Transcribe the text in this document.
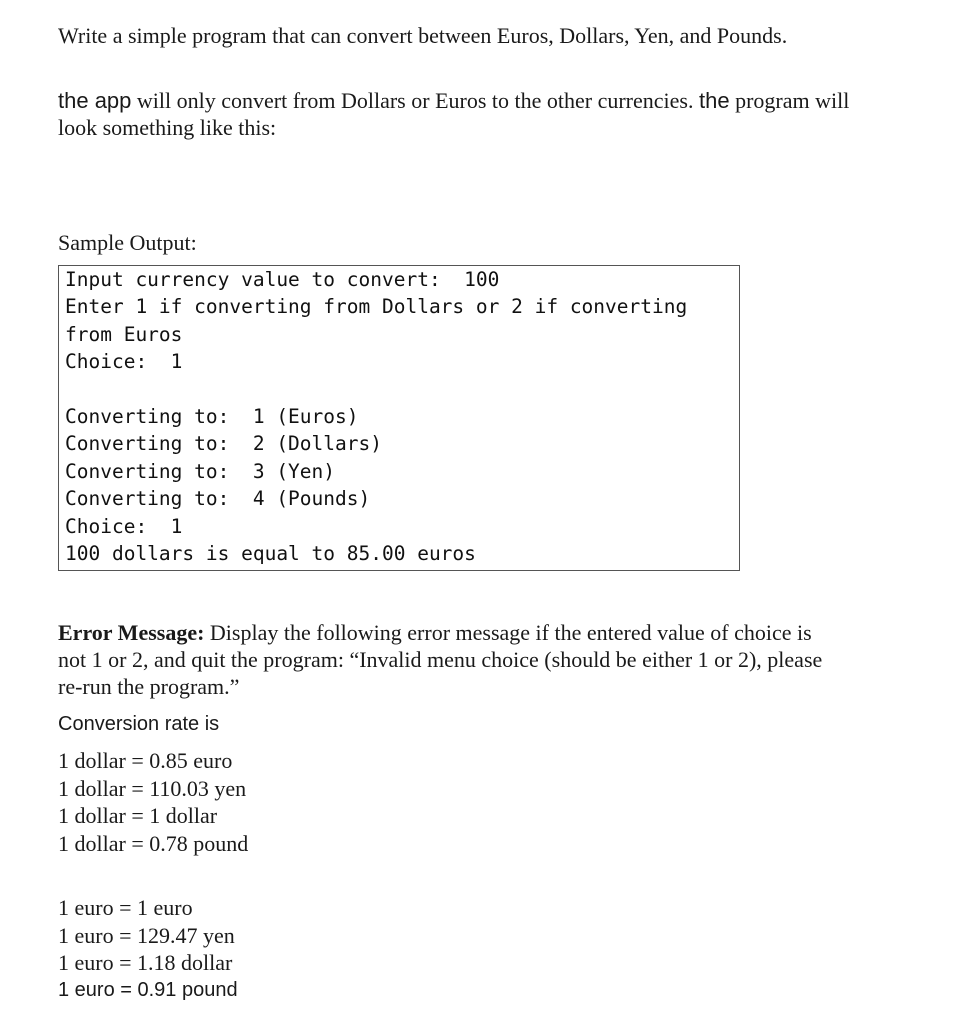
Write a simple program that can convert between Euros, Dollars, Yen, and Pounds.
the app will only convert from Dollars or Euros to the other currencies. the program will
look something like this:
Sample Output:
Input currency value to convert:  100
Enter 1 if converting from Dollars or 2 if converting
from Euros
Choice:  1
Converting to:  1 (Euros)
Converting to:  2 (Dollars)
Converting to:  3 (Yen)
Converting to:  4 (Pounds)
Choice:  1
100 dollars is equal to 85.00 euros
Error Message: Display the following error message if the entered value of choice is
not 1 or 2, and quit the program: “Invalid menu choice (should be either 1 or 2), please
re-run the program.”
Conversion rate is
1 dollar = 0.85 euro
1 dollar = 110.03 yen
1 dollar = 1 dollar
1 dollar = 0.78 pound
1 euro = 1 euro
1 euro = 129.47 yen
1 euro = 1.18 dollar
1 euro = 0.91 pound
